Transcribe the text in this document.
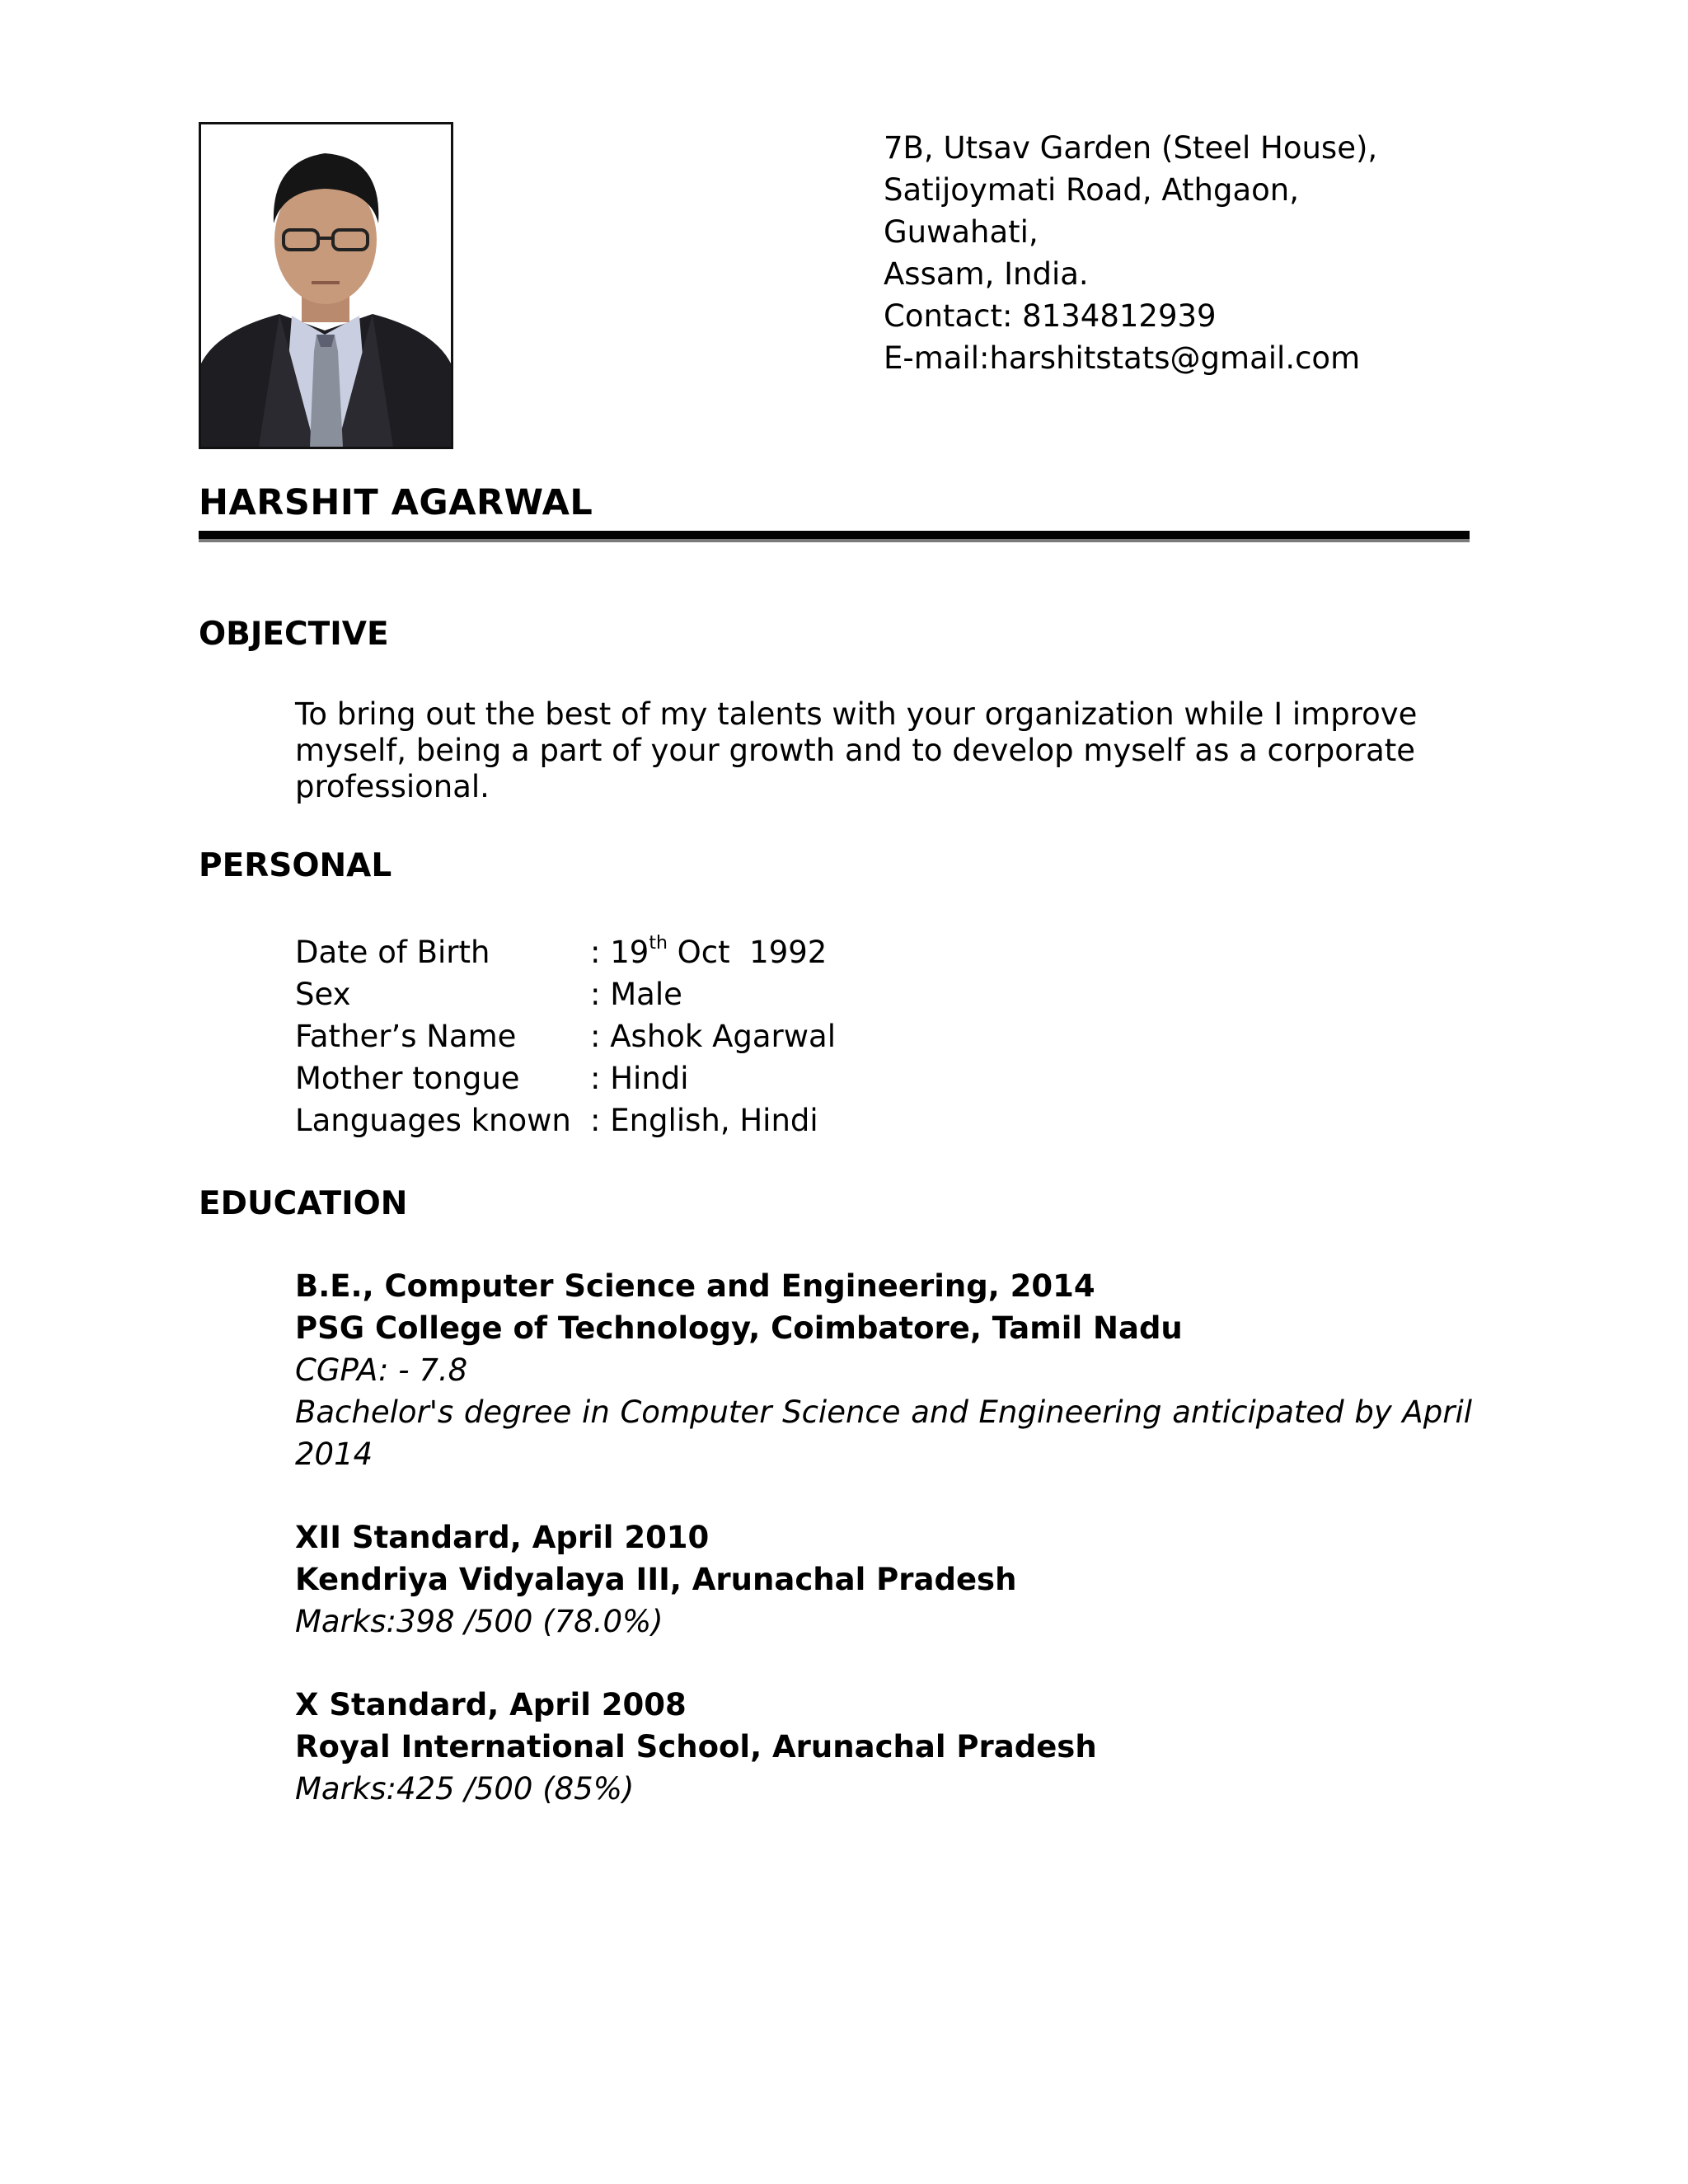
7B, Utsav Garden (Steel House),
Satijoymati Road, Athgaon,
Guwahati,
Assam, India.
Contact: 8134812939
E-mail:harshitstats@gmail.com
HARSHIT AGARWAL
OBJECTIVE
To bring out the best of my talents with your organization while I improve myself, being a part of your growth and to develop myself as a corporate professional.
PERSONAL
Date of Birth	: 19th Oct  1992
Sex	: Male
Father’s Name	: Ashok Agarwal
Mother tongue	: Hindi
Languages known : English, Hindi
EDUCATION
B.E., Computer Science and Engineering, 2014
PSG College of Technology, Coimbatore, Tamil Nadu
CGPA: - 7.8
Bachelor's degree in Computer Science and Engineering anticipated by April 2014
XII Standard, April 2010
Kendriya Vidyalaya III, Arunachal Pradesh
Marks:398 /500 (78.0%)
X Standard, April 2008
Royal International School, Arunachal Pradesh
Marks:425 /500 (85%)
